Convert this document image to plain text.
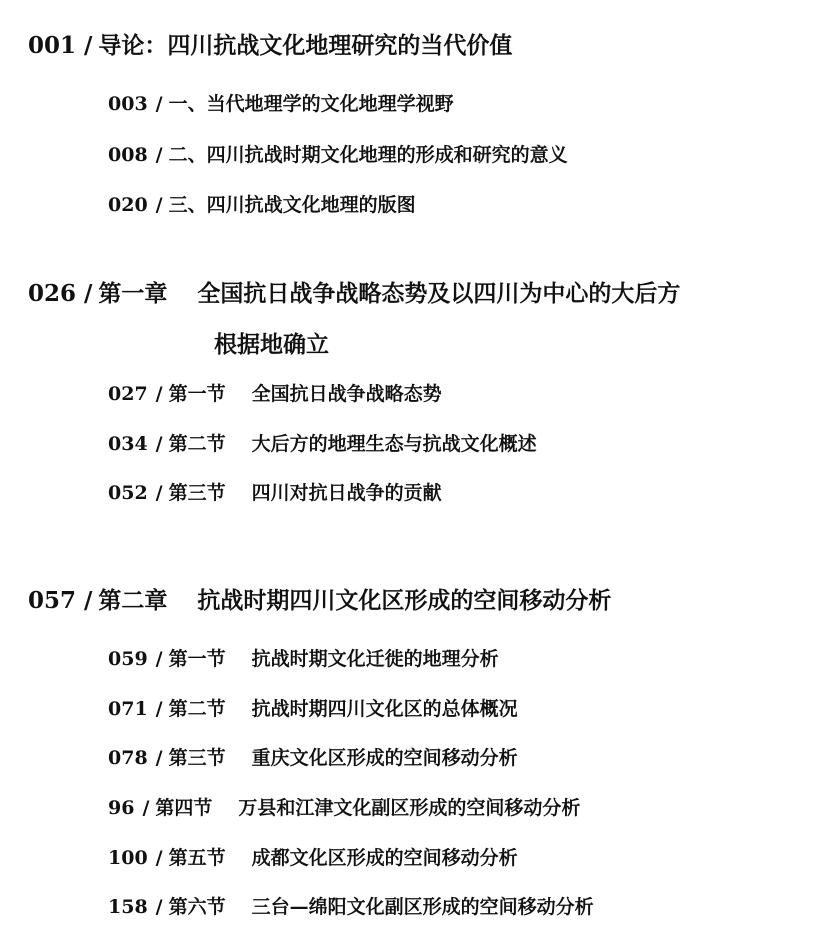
001 / 导论：四川抗战文化地理研究的当代价值
003 / 一、当代地理学的文化地理学视野
008 / 二、四川抗战时期文化地理的形成和研究的意义
020 / 三、四川抗战文化地理的版图
026 / 第一章 全国抗日战争战略态势及以四川为中心的大后方
根据地确立
027 / 第一节 全国抗日战争战略态势
034 / 第二节 大后方的地理生态与抗战文化概述
052 / 第三节 四川对抗日战争的贡献
057 / 第二章 抗战时期四川文化区形成的空间移动分析
059 / 第一节 抗战时期文化迁徙的地理分析
071 / 第二节 抗战时期四川文化区的总体概况
078 / 第三节 重庆文化区形成的空间移动分析
96 / 第四节 万县和江津文化副区形成的空间移动分析
100 / 第五节 成都文化区形成的空间移动分析
158 / 第六节 三台—绵阳文化副区形成的空间移动分析
